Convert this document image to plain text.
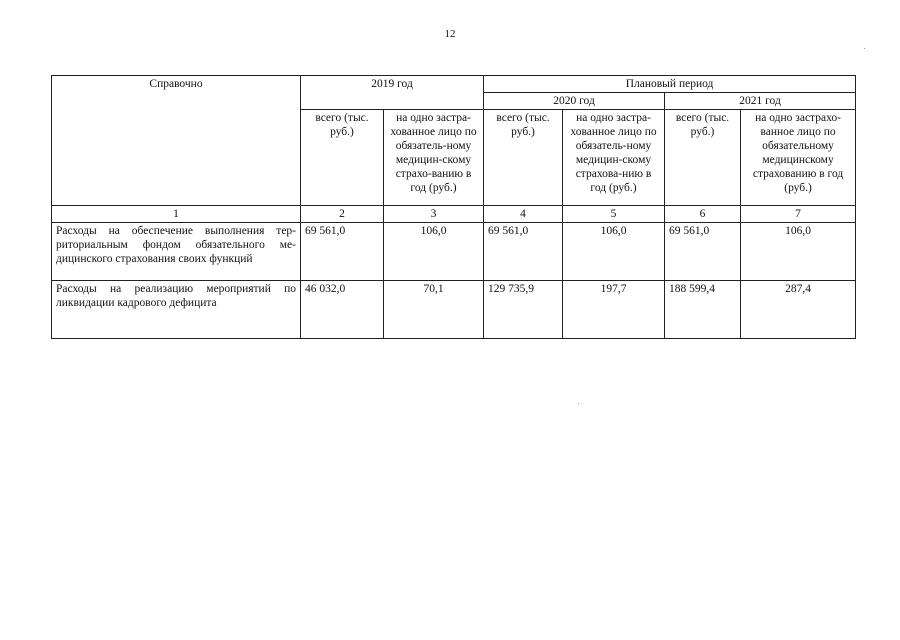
12
Справочно	2019 год		Плановый период			
			2020 год		2021 год	
	всего (тыс. руб.)	на одно застра-хованное лицо по обязатель-ному медицин-скому страхо-ванию в год (руб.)	всего (тыс. руб.)	на одно застра-хованное лицо по обязатель-ному медицин-скому страхова-нию в год (руб.)	всего (тыс. руб.)	на одно застрахо-ванное лицо по обязательному медицинскому страхованию в год (руб.)
1	2	3	4	5	6	7
Расходы на обеспечение выполнения тер-риториальным фондом обязательного ме-дицинского страхования своих функций	69 561,0	106,0	69 561,0	106,0	69 561,0	106,0
Расходы на реализацию мероприятий по ликвидации кадрового дефицита	46 032,0	70,1	129 735,9	197,7	188 599,4	287,4
